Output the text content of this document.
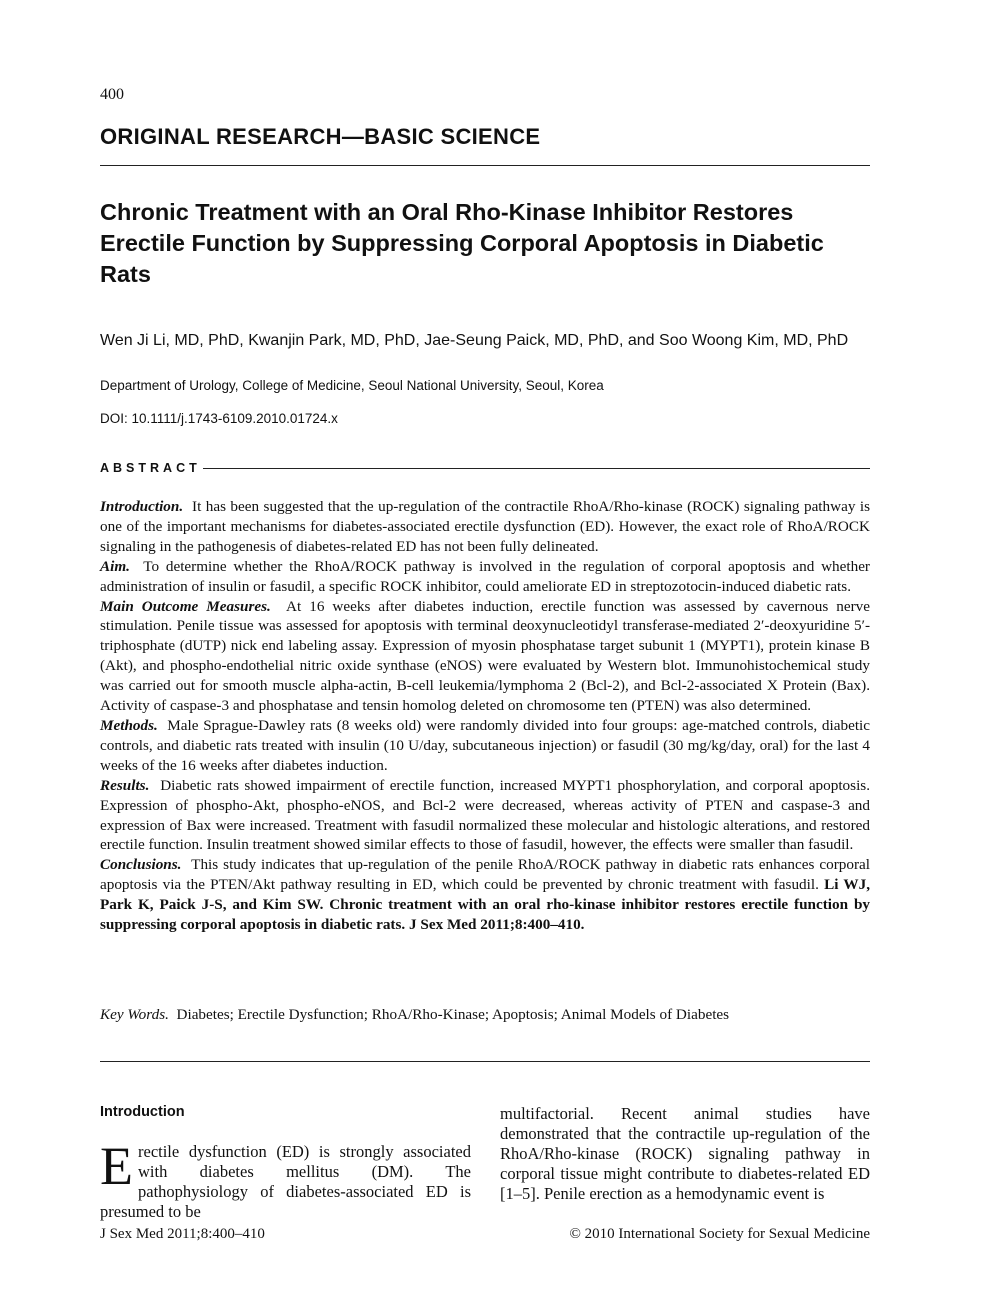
400
ORIGINAL RESEARCH—BASIC SCIENCE
Chronic Treatment with an Oral Rho-Kinase Inhibitor Restores Erectile Function by Suppressing Corporal Apoptosis in Diabetic Rats
Wen Ji Li, MD, PhD, Kwanjin Park, MD, PhD, Jae-Seung Paick, MD, PhD, and Soo Woong Kim, MD, PhD
Department of Urology, College of Medicine, Seoul National University, Seoul, Korea
DOI: 10.1111/j.1743-6109.2010.01724.x
ABSTRACT

Introduction. It has been suggested that the up-regulation of the contractile RhoA/Rho-kinase (ROCK) signaling pathway is one of the important mechanisms for diabetes-associated erectile dysfunction (ED). However, the exact role of RhoA/ROCK signaling in the pathogenesis of diabetes-related ED has not been fully delineated.

Aim. To determine whether the RhoA/ROCK pathway is involved in the regulation of corporal apoptosis and whether administration of insulin or fasudil, a specific ROCK inhibitor, could ameliorate ED in streptozotocin-induced diabetic rats.

Main Outcome Measures. At 16 weeks after diabetes induction, erectile function was assessed by cavernous nerve stimulation. Penile tissue was assessed for apoptosis with terminal deoxynucleotidyl transferase-mediated 2′-deoxyuridine 5′-triphosphate (dUTP) nick end labeling assay. Expression of myosin phosphatase target subunit 1 (MYPT1), protein kinase B (Akt), and phospho-endothelial nitric oxide synthase (eNOS) were evaluated by Western blot. Immunohistochemical study was carried out for smooth muscle alpha-actin, B-cell leukemia/lymphoma 2 (Bcl-2), and Bcl-2-associated X Protein (Bax). Activity of caspase-3 and phosphatase and tensin homolog deleted on chromosome ten (PTEN) was also determined.

Methods. Male Sprague-Dawley rats (8 weeks old) were randomly divided into four groups: age-matched controls, diabetic controls, and diabetic rats treated with insulin (10 U/day, subcutaneous injection) or fasudil (30 mg/kg/day, oral) for the last 4 weeks of the 16 weeks after diabetes induction.

Results. Diabetic rats showed impairment of erectile function, increased MYPT1 phosphorylation, and corporal apoptosis. Expression of phospho-Akt, phospho-eNOS, and Bcl-2 were decreased, whereas activity of PTEN and caspase-3 and expression of Bax were increased. Treatment with fasudil normalized these molecular and histologic alterations, and restored erectile function. Insulin treatment showed similar effects to those of fasudil, however, the effects were smaller than fasudil.

Conclusions. This study indicates that up-regulation of the penile RhoA/ROCK pathway in diabetic rats enhances corporal apoptosis via the PTEN/Akt pathway resulting in ED, which could be prevented by chronic treatment with fasudil. Li WJ, Park K, Paick J-S, and Kim SW. Chronic treatment with an oral rho-kinase inhibitor restores erectile function by suppressing corporal apoptosis in diabetic rats. J Sex Med 2011;8:400–410.

Key Words. Diabetes; Erectile Dysfunction; RhoA/Rho-Kinase; Apoptosis; Animal Models of Diabetes
Introduction
Erectile dysfunction (ED) is strongly associated with diabetes mellitus (DM). The pathophysiology of diabetes-associated ED is presumed to be
multifactorial. Recent animal studies have demonstrated that the contractile up-regulation of the RhoA/Rho-kinase (ROCK) signaling pathway in corporal tissue might contribute to diabetes-related ED [1–5]. Penile erection as a hemodynamic event is
J Sex Med 2011;8:400–410	© 2010 International Society for Sexual Medicine
